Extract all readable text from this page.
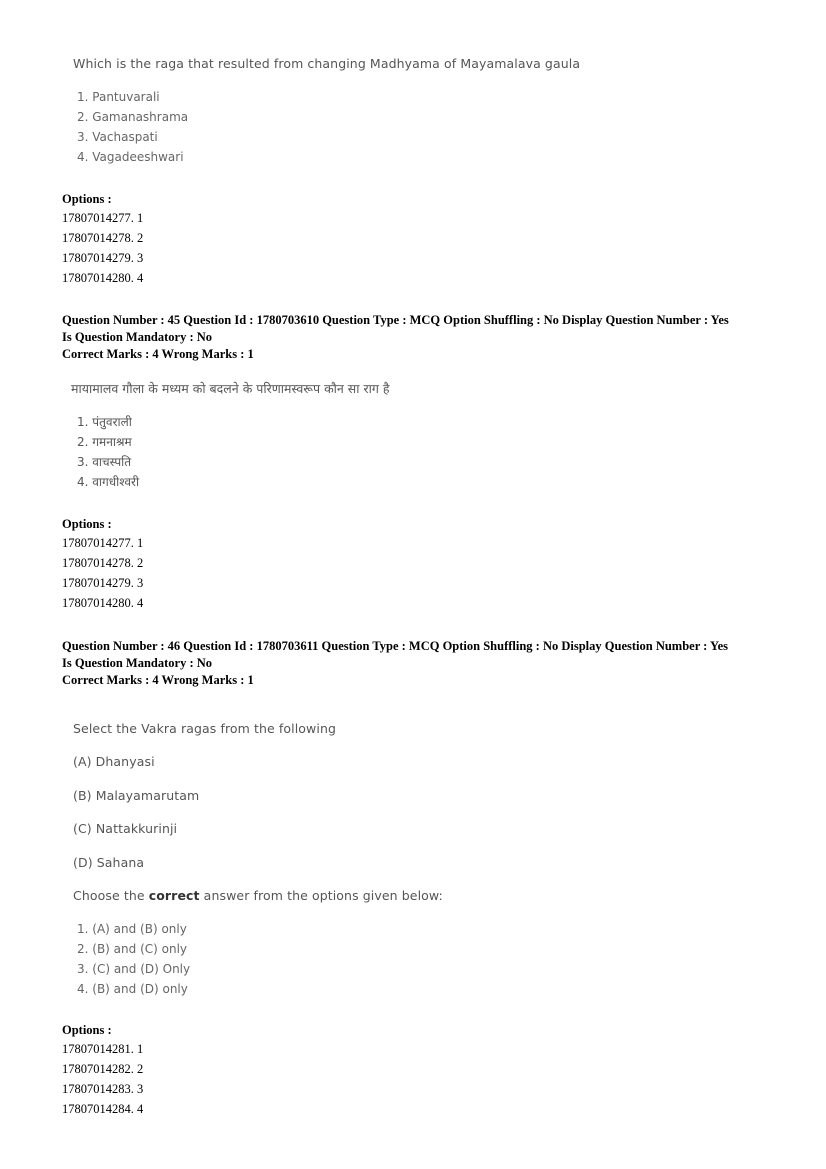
Which is the raga that resulted from changing Madhyama of Mayamalava gaula
1. Pantuvarali
2. Gamanashrama
3. Vachaspati
4. Vagadeeshwari
Options :
17807014277. 1
17807014278. 2
17807014279. 3
17807014280. 4
Question Number : 45 Question Id : 1780703610 Question Type : MCQ Option Shuffling : No Display Question Number : Yes
Is Question Mandatory : No
Correct Marks : 4 Wrong Marks : 1
मायामालव गौला के मध्यम को बदलने के परिणामस्वरूप कौन सा राग है
1. पंतुवराली
2. गमनाश्रम
3. वाचस्पति
4. वागधीश्वरी
Options :
17807014277. 1
17807014278. 2
17807014279. 3
17807014280. 4
Question Number : 46 Question Id : 1780703611 Question Type : MCQ Option Shuffling : No Display Question Number : Yes
Is Question Mandatory : No
Correct Marks : 4 Wrong Marks : 1
Select the Vakra ragas from the following
(A) Dhanyasi
(B) Malayamarutam
(C) Nattakkurinji
(D) Sahana
Choose the correct answer from the options given below:
1. (A) and (B) only
2. (B) and (C) only
3. (C) and (D) Only
4. (B) and (D) only
Options :
17807014281. 1
17807014282. 2
17807014283. 3
17807014284. 4
